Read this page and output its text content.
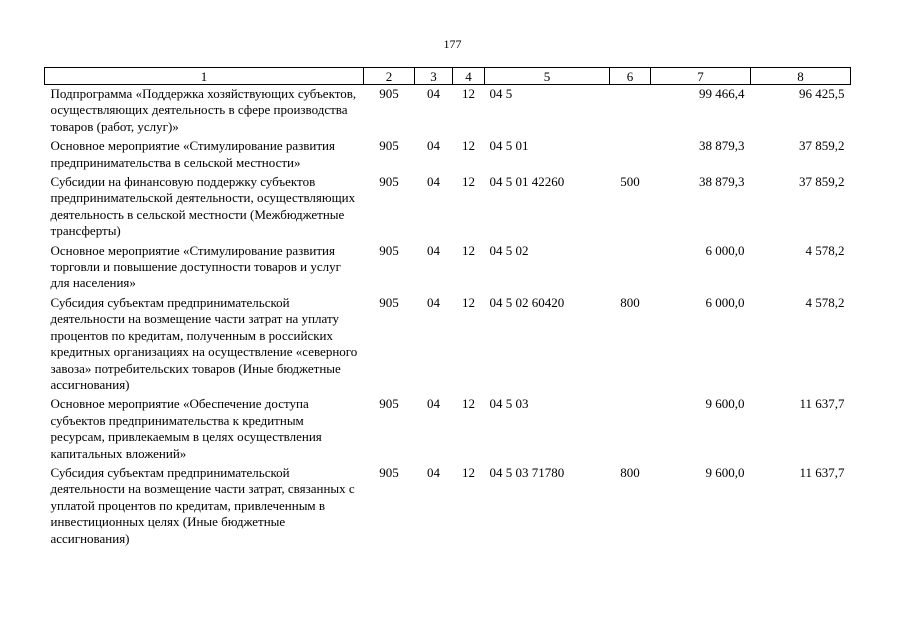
177
1	2	3	4	5	6	7	8
Подпрограмма «Поддержка хозяйствующих субъектов, осуществляющих деятельность в сфере производства товаров (работ, услуг)»	905	04	12	04 5		99 466,4	96 425,5
Основное мероприятие «Стимулирование развития предпринимательства в сельской местности»	905	04	12	04 5 01		38 879,3	37 859,2
Субсидии на финансовую поддержку субъектов предпринимательской деятельности, осуществляющих деятельность в сельской местности (Межбюджетные трансферты)	905	04	12	04 5 01 42260	500	38 879,3	37 859,2
Основное мероприятие «Стимулирование развития торговли и повышение доступности товаров и услуг для населения»	905	04	12	04 5 02		6 000,0	4 578,2
Субсидия субъектам предпринимательской деятельности на возмещение части затрат на уплату процентов по кредитам, полученным в российских кредитных организациях на осуществление «северного завоза» потребительских товаров (Иные бюджетные ассигнования)	905	04	12	04 5 02 60420	800	6 000,0	4 578,2
Основное мероприятие «Обеспечение доступа субъектов предпринимательства к кредитным ресурсам, привлекаемым в целях осуществления капитальных вложений»	905	04	12	04 5 03		9 600,0	11 637,7
Субсидия субъектам предпринимательской деятельности на возмещение части затрат, связанных с уплатой процентов по кредитам, привлеченным в инвестиционных целях (Иные бюджетные ассигнования)	905	04	12	04 5 03 71780	800	9 600,0	11 637,7
